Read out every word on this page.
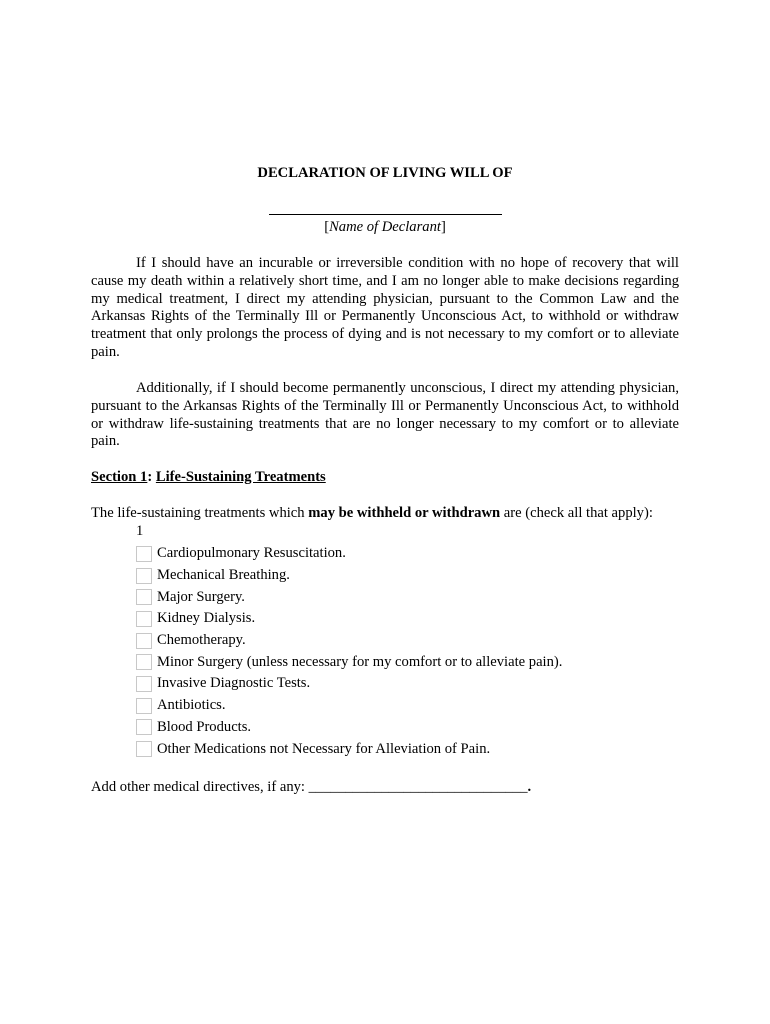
DECLARATION OF LIVING WILL OF
[Name of Declarant]

If I should have an incurable or irreversible condition with no hope of recovery that will cause my death within a relatively short time, and I am no longer able to make decisions regarding my medical treatment, I direct my attending physician, pursuant to the Common Law and the Arkansas Rights of the Terminally Ill or Permanently Unconscious Act, to withhold or withdraw treatment that only prolongs the process of dying and is not necessary to my comfort or to alleviate pain.

Additionally, if I should become permanently unconscious, I direct my attending physician, pursuant to the Arkansas Rights of the Terminally Ill or Permanently Unconscious Act, to withhold or withdraw life-sustaining treatments that are no longer necessary to my comfort or to alleviate pain.

Section 1: Life-Sustaining Treatments
The life-sustaining treatments which may be withheld or withdrawn are (check all that apply):
1
Cardiopulmonary Resuscitation.
Mechanical Breathing.
Major Surgery.
Kidney Dialysis.
Chemotherapy.
Minor Surgery (unless necessary for my comfort or to alleviate pain).
Invasive Diagnostic Tests.
Antibiotics.
Blood Products.
Other Medications not Necessary for Alleviation of Pain.
Add other medical directives, if any: ______________________________.
